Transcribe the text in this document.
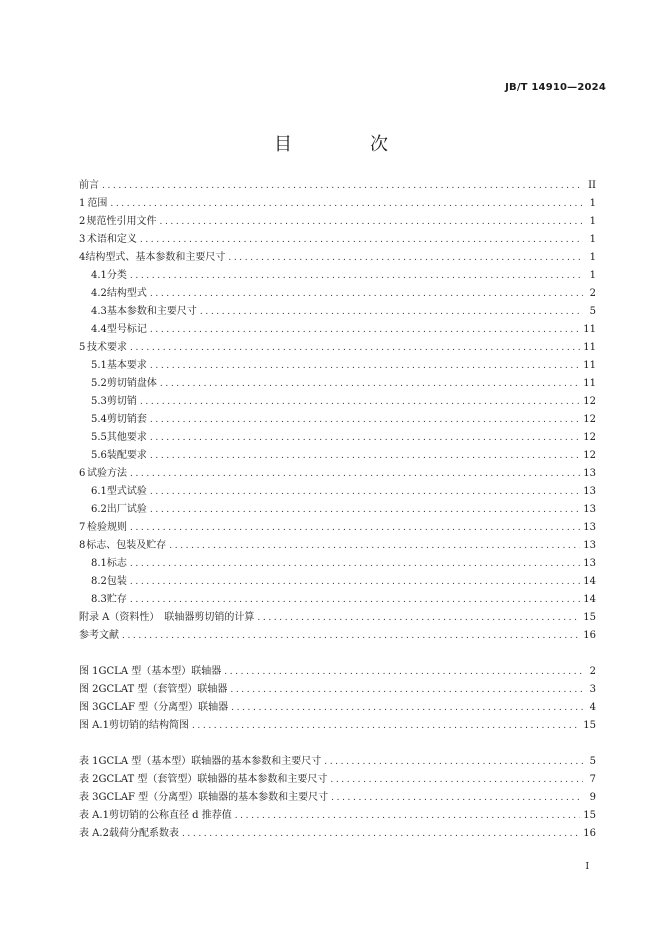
JB/T 14910—2024
目　次
前言 .....	II
1 范围 .....	1
2 规范性引用文件 .....	1
3 术语和定义 .....	1
4 结构型式、基本参数和主要尺寸 .....	1
4.1 分类 .....	1
4.2 结构型式 .....	2
4.3 基本参数和主要尺寸 .....	5
4.4 型号标记 .....	11
5 技术要求 .....	11
5.1 基本要求 .....	11
5.2 剪切销盘体 .....	11
5.3 剪切销 .....	12
5.4 剪切销套 .....	12
5.5 其他要求 .....	12
5.6 装配要求 .....	12
6 试验方法 .....	13
6.1 型式试验 .....	13
6.2 出厂试验 .....	13
7 检验规则 .....	13
8 标志、包装及贮存 .....	13
8.1 标志 .....	13
8.2 包装 .....	14
8.3 贮存 .....	14
附录 A（资料性）　联轴器剪切销的计算 .....	15
参考文献 .....	16
图 1 GCLA 型（基本型）联轴器 .....	2
图 2 GCLAT 型（套管型）联轴器 .....	3
图 3 GCLAF 型（分离型）联轴器 .....	4
图 A.1 剪切销的结构简图 .....	15
表 1 GCLA 型（基本型）联轴器的基本参数和主要尺寸 .....	5
表 2 GCLAT 型（套管型）联轴器的基本参数和主要尺寸 .....	7
表 3 GCLAF 型（分离型）联轴器的基本参数和主要尺寸 .....	9
表 A.1 剪切销的公称直径 d 推荐值 .....	15
表 A.2 载荷分配系数表 .....	16
I
